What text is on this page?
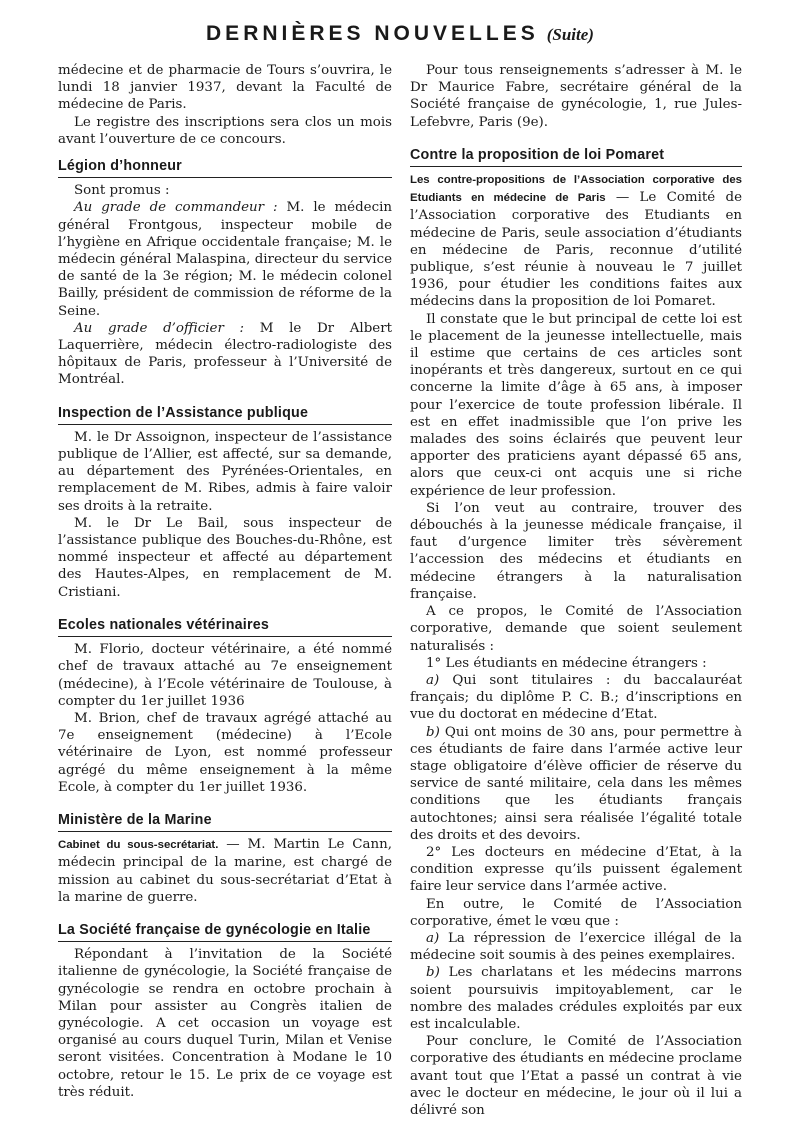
DERNIÈRES NOUVELLES (Suite)

médecine et de pharmacie de Tours s’ouvrira, le lundi 18 janvier 1937, devant la Faculté de médecine de Paris.

Le registre des inscriptions sera clos un mois avant l’ouverture de ce concours.

Légion d’honneur

Sont promus :

Au grade de commandeur : M. le médecin général Frontgous, inspecteur mobile de l’hygiène en Afrique occidentale française; M. le médecin général Malaspina, directeur du service de santé de la 3e région; M. le médecin colonel Bailly, président de commission de réforme de la Seine.

Au grade d’officier : M le Dr Albert Laquerrière, médecin électro-radiologiste des hôpitaux de Paris, professeur à l’Université de Montréal.

Inspection de l’Assistance publique

M. le Dr Assoignon, inspecteur de l’assistance publique de l’Allier, est affecté, sur sa demande, au département des Pyrénées-Orientales, en remplacement de M. Ribes, admis à faire valoir ses droits à la retraite.

M. le Dr Le Bail, sous inspecteur de l’assistance publique des Bouches-du-Rhône, est nommé inspecteur et affecté au département des Hautes-Alpes, en remplacement de M. Cristiani.

Ecoles nationales vétérinaires

M. Florio, docteur vétérinaire, a été nommé chef de travaux attaché au 7e enseignement (médecine), à l’Ecole vétérinaire de Toulouse, à compter du 1er juillet 1936

M. Brion, chef de travaux agrégé attaché au 7e enseignement (médecine) à l’Ecole vétérinaire de Lyon, est nommé professeur agrégé du même enseignement à la même Ecole, à compter du 1er juillet 1936.

Ministère de la Marine

Cabinet du sous-secrétariat. — M. Martin Le Cann, médecin principal de la marine, est chargé de mission au cabinet du sous-secrétariat d’Etat à la marine de guerre.

La Société française de gynécologie en Italie

Répondant à l’invitation de la Société italienne de gynécologie, la Société française de gynécologie se rendra en octobre prochain à Milan pour assister au Congrès italien de gynécologie. A cet occasion un voyage est organisé au cours duquel Turin, Milan et Venise seront visitées. Concentration à Modane le 10 octobre, retour le 15. Le prix de ce voyage est très réduit.

Pour tous renseignements s’adresser à M. le Dr Maurice Fabre, secrétaire général de la Société française de gynécologie, 1, rue Jules-Lefebvre, Paris (9e).

Contre la proposition de loi Pomaret

Les contre-propositions de l’Association corporative des Etudiants en médecine de Paris — Le Comité de l’Association corporative des Etudiants en médecine de Paris, seule association d’étudiants en médecine de Paris, reconnue d’utilité publique, s’est réunie à nouveau le 7 juillet 1936, pour étudier les conditions faites aux médecins dans la proposition de loi Pomaret.

Il constate que le but principal de cette loi est le placement de la jeunesse intellectuelle, mais il estime que certains de ces articles sont inopérants et très dangereux, surtout en ce qui concerne la limite d’âge à 65 ans, à imposer pour l’exercice de toute profession libérale. Il est en effet inadmissible que l’on prive les malades des soins éclairés que peuvent leur apporter des praticiens ayant dépassé 65 ans, alors que ceux-ci ont acquis une si riche expérience de leur profession.

Si l’on veut au contraire, trouver des débouchés à la jeunesse médicale française, il faut d’urgence limiter très sévèrement l’accession des médecins et étudiants en médecine étrangers à la naturalisation française.

A ce propos, le Comité de l’Association corporative, demande que soient seulement naturalisés :

1° Les étudiants en médecine étrangers :

a) Qui sont titulaires : du baccalauréat français; du diplôme P. C. B.; d’inscriptions en vue du doctorat en médecine d’Etat.

b) Qui ont moins de 30 ans, pour permettre à ces étudiants de faire dans l’armée active leur stage obligatoire d’élève officier de réserve du service de santé militaire, cela dans les mêmes conditions que les étudiants français autochtones; ainsi sera réalisée l’égalité totale des droits et des devoirs.

2° Les docteurs en médecine d’Etat, à la condition expresse qu’ils puissent également faire leur service dans l’armée active.

En outre, le Comité de l’Association corporative, émet le vœu que :

a) La répression de l’exercice illégal de la médecine soit soumis à des peines exemplaires.

b) Les charlatans et les médecins marrons soient poursuivis impitoyablement, car le nombre des malades crédules exploités par eux est incalculable.

Pour conclure, le Comité de l’Association corporative des étudiants en médecine proclame avant tout que l’Etat a passé un contrat à vie avec le docteur en médecine, le jour où il lui a délivré son
